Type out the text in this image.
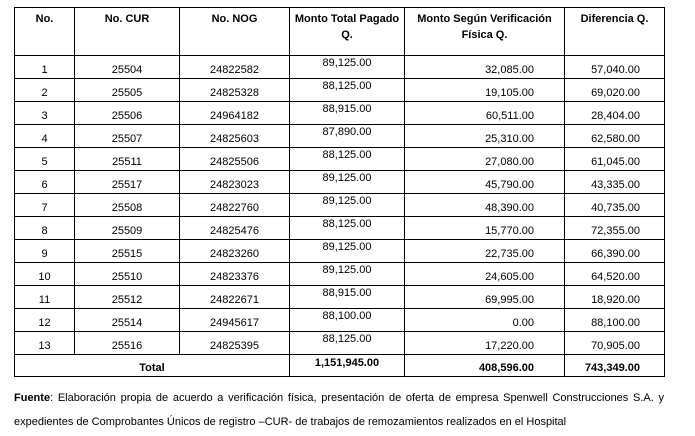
No.	No. CUR	No. NOG	Monto Total Pagado Q.	Monto Según Verificación Física Q.	Diferencia Q.
1	25504	24822582	89,125.00	32,085.00	57,040.00
2	25505	24825328	88,125.00	19,105.00	69,020.00
3	25506	24964182	88,915.00	60,511.00	28,404.00
4	25507	24825603	87,890.00	25,310.00	62,580.00
5	25511	24825506	88,125.00	27,080.00	61,045.00
6	25517	24823023	89,125.00	45,790.00	43,335.00
7	25508	24822760	89,125.00	48,390.00	40,735.00
8	25509	24825476	88,125.00	15,770.00	72,355.00
9	25515	24823260	89,125.00	22,735.00	66,390.00
10	25510	24823376	89,125.00	24,605.00	64,520.00
11	25512	24822671	88,915.00	69,995.00	18,920.00
12	25514	24945617	88,100.00	0.00	88,100.00
13	25516	24825395	88,125.00	17,220.00	70,905.00
Total			1,151,945.00	408,596.00	743,349.00

Fuente: Elaboración propia de acuerdo a verificación física, presentación de oferta de empresa Spenwell Construcciones S.A. y expedientes de Comprobantes Únicos de registro –CUR- de trabajos de remozamientos realizados en el Hospital
